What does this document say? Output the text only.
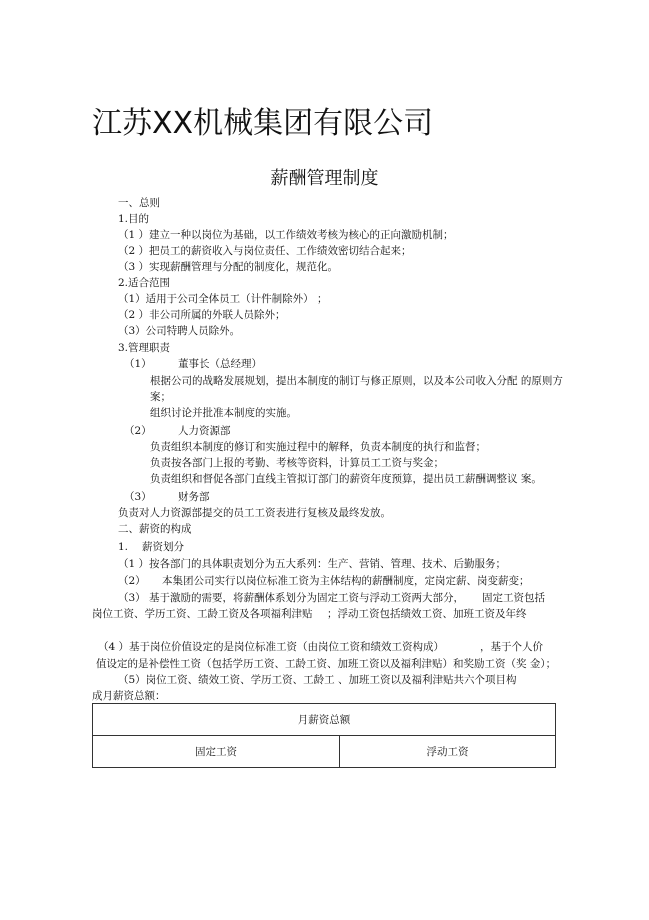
江苏XX机械集团有限公司
薪酬管理制度
一、总则
1.目的
（1 ）建立一种以岗位为基础，以工作绩效考核为核心的正向激励机制；
（2 ）把员工的薪资收入与岗位责任、工作绩效密切结合起来；
（3 ）实现薪酬管理与分配的制度化，规范化。
2.适合范围
（1）适用于公司全体员工（计件制除外） ；
（2 ）非公司所属的外联人员除外；
（3）公司特聘人员除外。
3.管理职责
（1）	董事长（总经理）
根据公司的战略发展规划，提出本制度的制订与修正原则，以及本公司收入分配 的原则方
案；
组织讨论并批准本制度的实施。
（2）	人力资源部
负责组织本制度的修订和实施过程中的解释，负责本制度的执行和监督；
负责按各部门上报的考勤、考核等资料，计算员工工资与奖金；
负责组织和督促各部门直线主管拟订部门的薪资年度预算，提出员工薪酬调整议 案。
（3）	财务部
负责对人力资源部提交的员工工资表进行复核及最终发放。
二、薪资的构成
1. 薪资划分
（1 ）按各部门的具体职责划分为五大系列：生产、营销、管理、技术、后勤服务；
（2） 本集团公司实行以岗位标准工资为主体结构的薪酬制度，定岗定薪、岗变薪变；
（3） 基于激励的需要，将薪酬体系划分为固定工资与浮动工资两大部分， 固定工资包括
岗位工资、学历工资、工龄工资及各项福利津贴 ；浮动工资包括绩效工资、加班工资及年终
（4 ）基于岗位价值设定的是岗位标准工资（由岗位工资和绩效工资构成）	，基于个人价
值设定的是补偿性工资（包括学历工资、工龄工资、加班工资以及福利津贴）和奖励工资（奖 金）；
（5）岗位工资、绩效工资、学历工资、工龄工 、加班工资以及福利津贴共六个项目构
成月薪资总额：
月薪资总额
固定工资	浮动工资
